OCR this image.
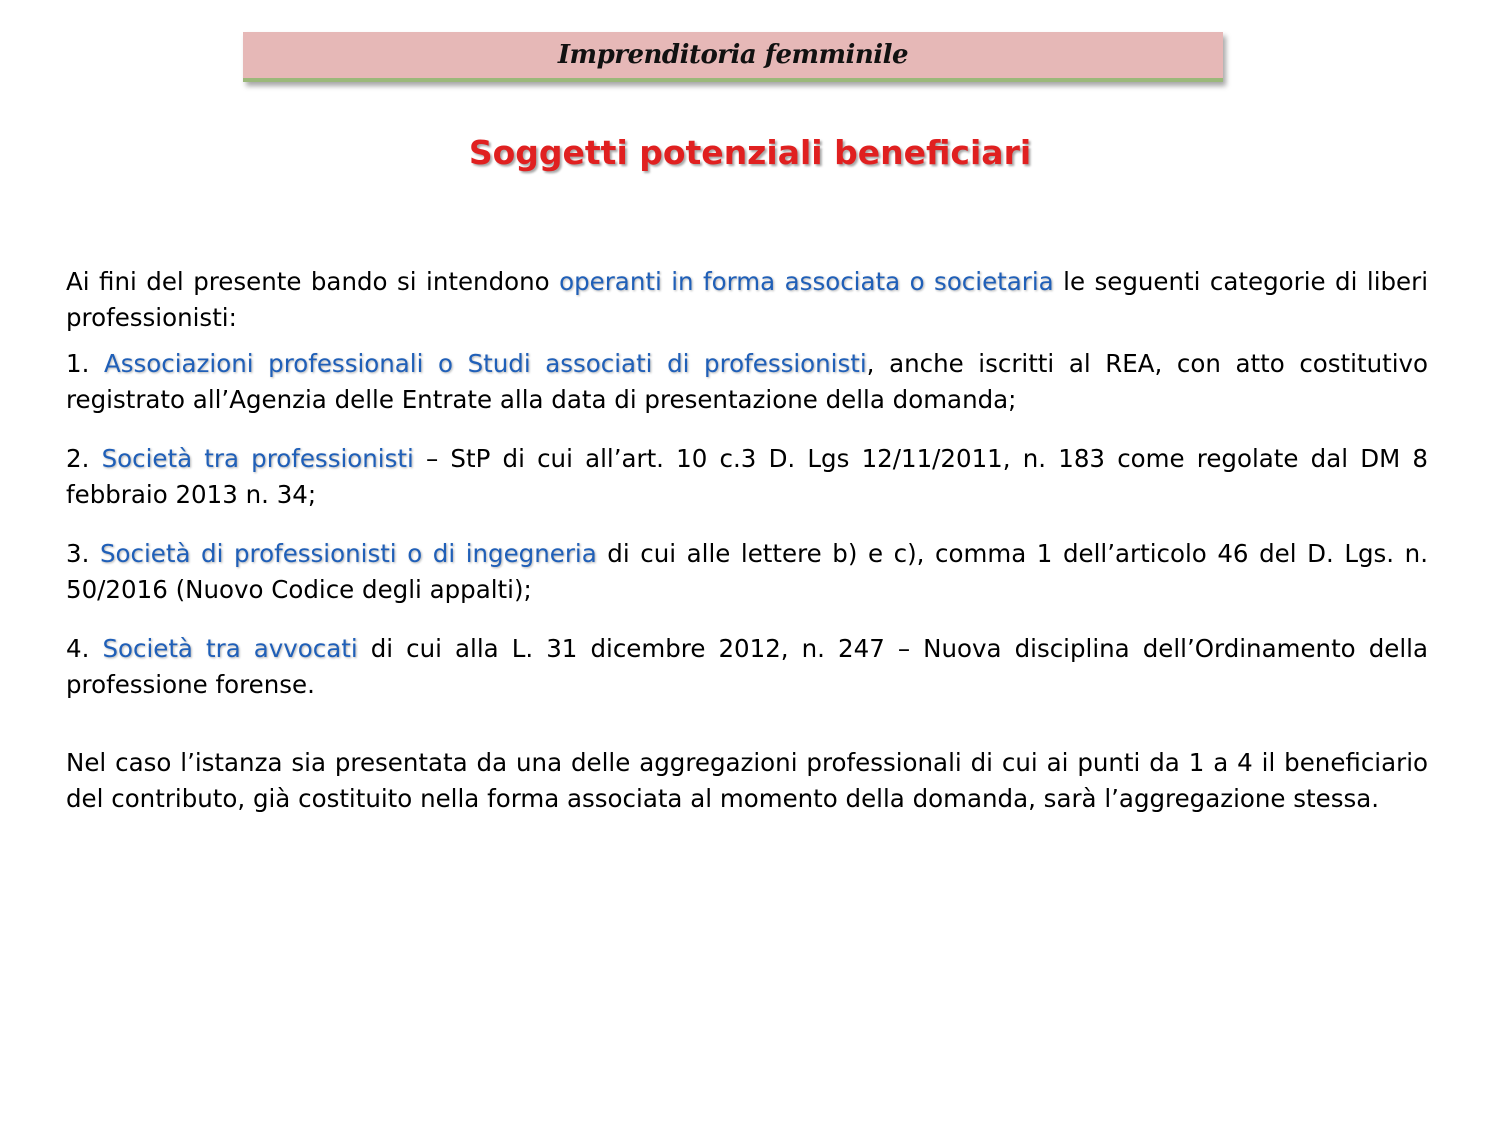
Imprenditoria femminile
Soggetti potenziali beneficiari

Ai fini del presente bando si intendono operanti in forma associata o societaria le seguenti categorie di liberi professionisti:

1. Associazioni professionali o Studi associati di professionisti, anche iscritti al REA, con atto costitutivo registrato all’Agenzia delle Entrate alla data di presentazione della domanda;

2. Società tra professionisti – StP di cui all’art. 10 c.3 D. Lgs 12/11/2011, n. 183 come regolate dal DM 8 febbraio 2013 n. 34;

3. Società di professionisti o di ingegneria di cui alle lettere b) e c), comma 1 dell’articolo 46 del D. Lgs. n. 50/2016 (Nuovo Codice degli appalti);

4. Società tra avvocati di cui alla L. 31 dicembre 2012, n. 247 – Nuova disciplina dell’Ordinamento della professione forense.

Nel caso l’istanza sia presentata da una delle aggregazioni professionali di cui ai punti da 1 a 4 il beneficiario del contributo, già costituito nella forma associata al momento della domanda, sarà l’aggregazione stessa.
